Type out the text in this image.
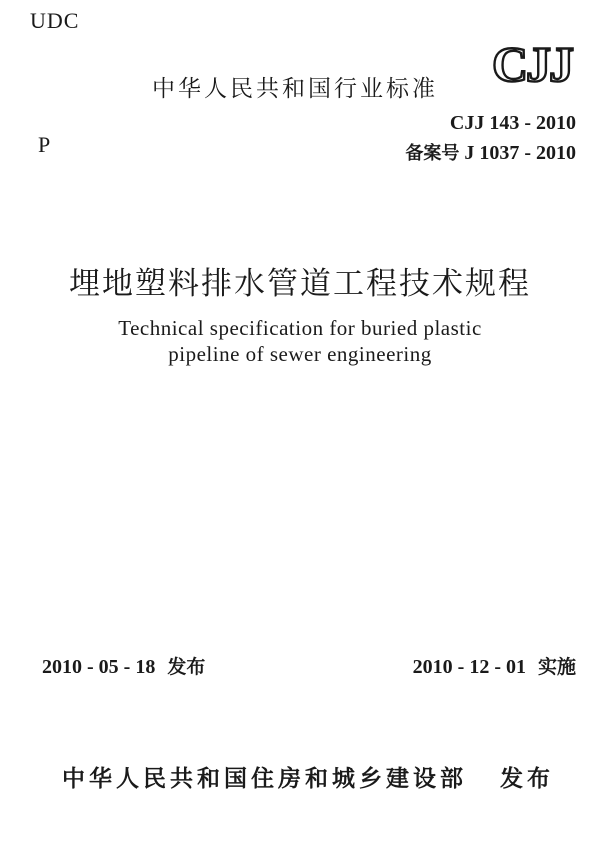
UDC
P
中华人民共和国行业标准 CJJ
CJJ 143 - 2010
备案号 J 1037 - 2010
埋地塑料排水管道工程技术规程
Technical specification for buried plastic
pipeline of sewer engineering
2010 - 05 - 18 发布	2010 - 12 - 01 实施
中华人民共和国住房和城乡建设部 发布
